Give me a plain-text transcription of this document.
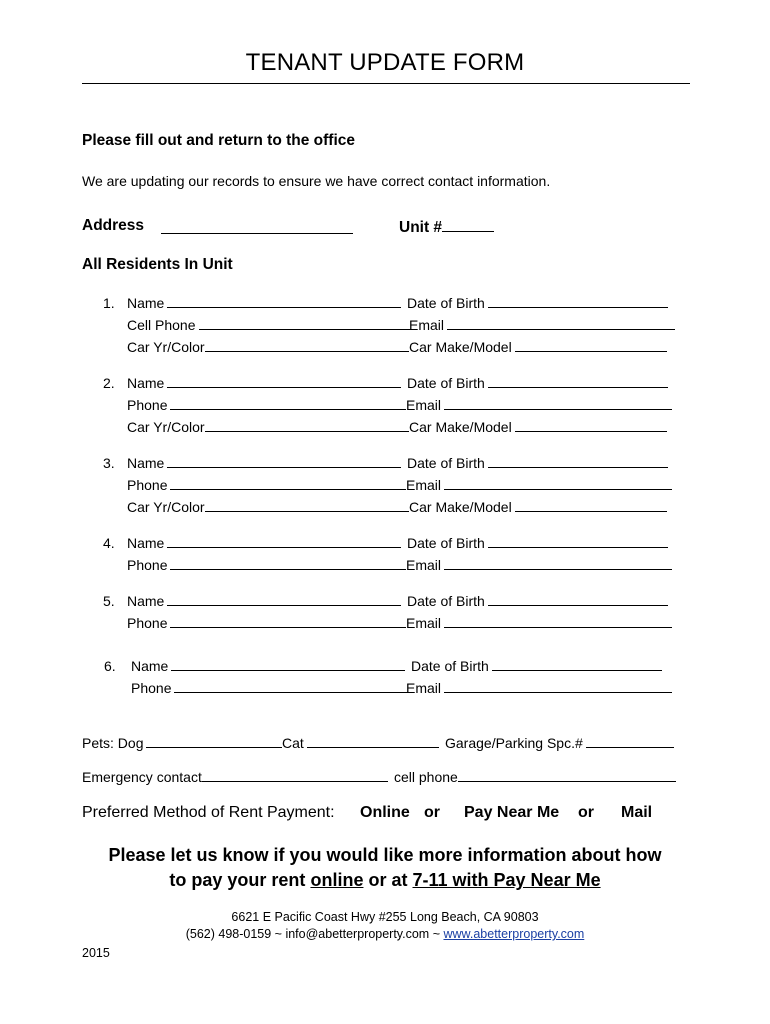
TENANT UPDATE FORM
Please fill out and return to the office
We are updating our records to ensure we have correct contact information.
Address	Unit #
All Residents In Unit
1. Name	Date of Birth
Cell Phone	Email
Car Yr/Color	Car Make/Model
2. Name	Date of Birth
Phone	Email
Car Yr/Color	Car Make/Model
3. Name	Date of Birth
Phone	Email
Car Yr/Color	Car Make/Model
4. Name	Date of Birth
Phone	Email
5. Name	Date of Birth
Phone	Email
6. Name	Date of Birth
Phone	Email
Pets: Dog	Cat	Garage/Parking Spc.#
Emergency contact	cell phone
Preferred Method of Rent Payment: Online or Pay Near Me or Mail
Please let us know if you would like more information about how
to pay your rent online or at 7-11 with Pay Near Me
6621 E Pacific Coast Hwy #255 Long Beach, CA 90803
(562) 498-0159 ~ info@abetterproperty.com ~ www.abetterproperty.com
2015
